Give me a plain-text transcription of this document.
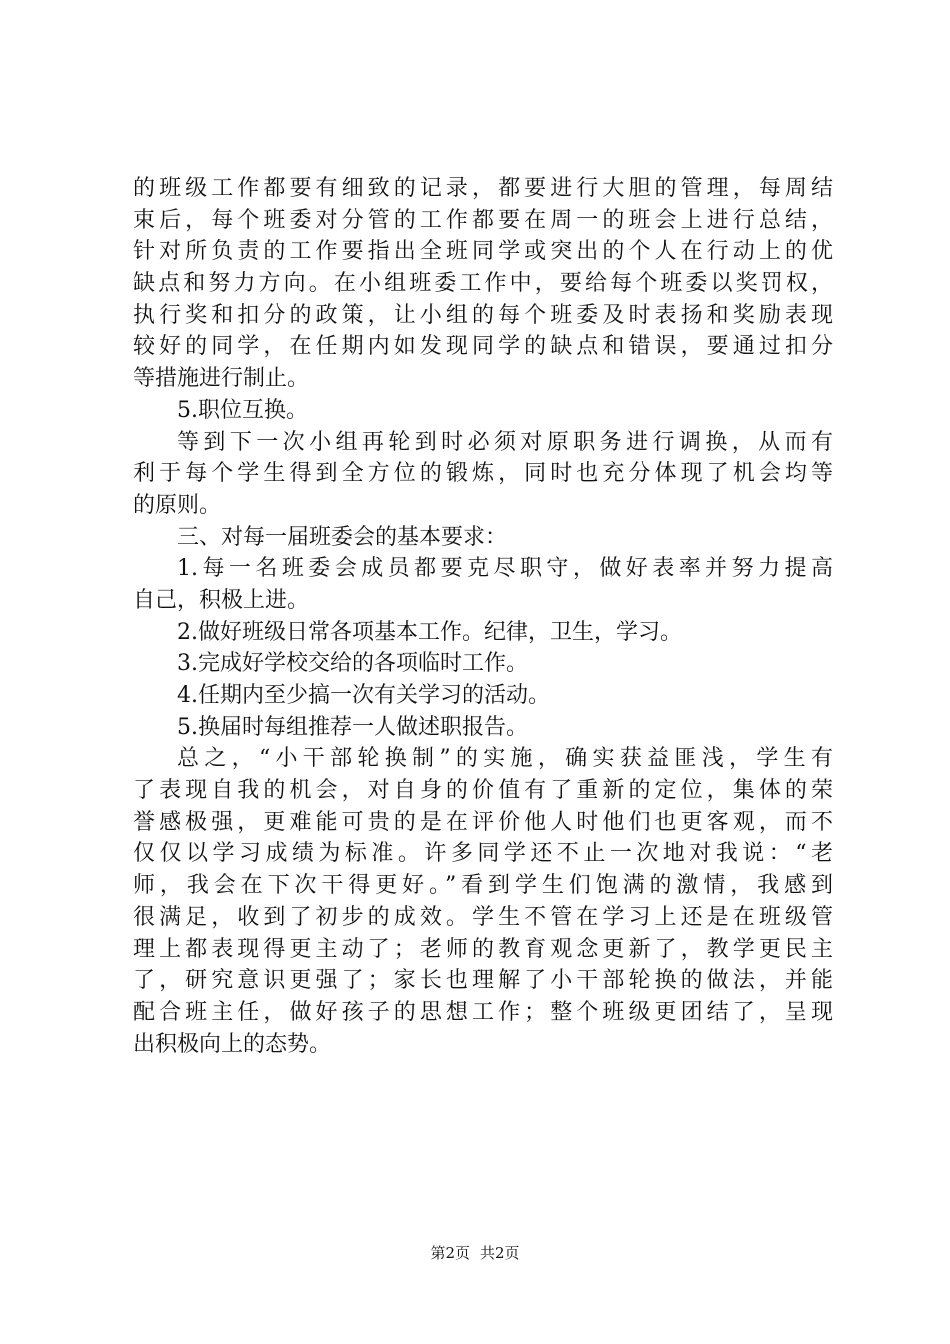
的班级工作都要有细致的记录，都要进行大胆的管理，每周结
束后，每个班委对分管的工作都要在周一的班会上进行总结，
针对所负责的工作要指出全班同学或突出的个人在行动上的优
缺点和努力方向。在小组班委工作中，要给每个班委以奖罚权，
执行奖和扣分的政策，让小组的每个班委及时表扬和奖励表现
较好的同学，在任期内如发现同学的缺点和错误，要通过扣分
等措施进行制止。
5.职位互换。
等到下一次小组再轮到时必须对原职务进行调换，从而有
利于每个学生得到全方位的锻炼，同时也充分体现了机会均等
的原则。
三、对每一届班委会的基本要求：
1.每一名班委会成员都要克尽职守，做好表率并努力提高
自己，积极上进。
2.做好班级日常各项基本工作。纪律，卫生，学习。
3.完成好学校交给的各项临时工作。
4.任期内至少搞一次有关学习的活动。
5.换届时每组推荐一人做述职报告。
总之，“小干部轮换制”的实施，确实获益匪浅，学生有
了表现自我的机会，对自身的价值有了重新的定位，集体的荣
誉感极强，更难能可贵的是在评价他人时他们也更客观，而不
仅仅以学习成绩为标准。许多同学还不止一次地对我说：“老
师，我会在下次干得更好。”看到学生们饱满的激情，我感到
很满足，收到了初步的成效。学生不管在学习上还是在班级管
理上都表现得更主动了；老师的教育观念更新了，教学更民主
了，研究意识更强了；家长也理解了小干部轮换的做法，并能
配合班主任，做好孩子的思想工作；整个班级更团结了，呈现
出积极向上的态势。
第2页 共2页
